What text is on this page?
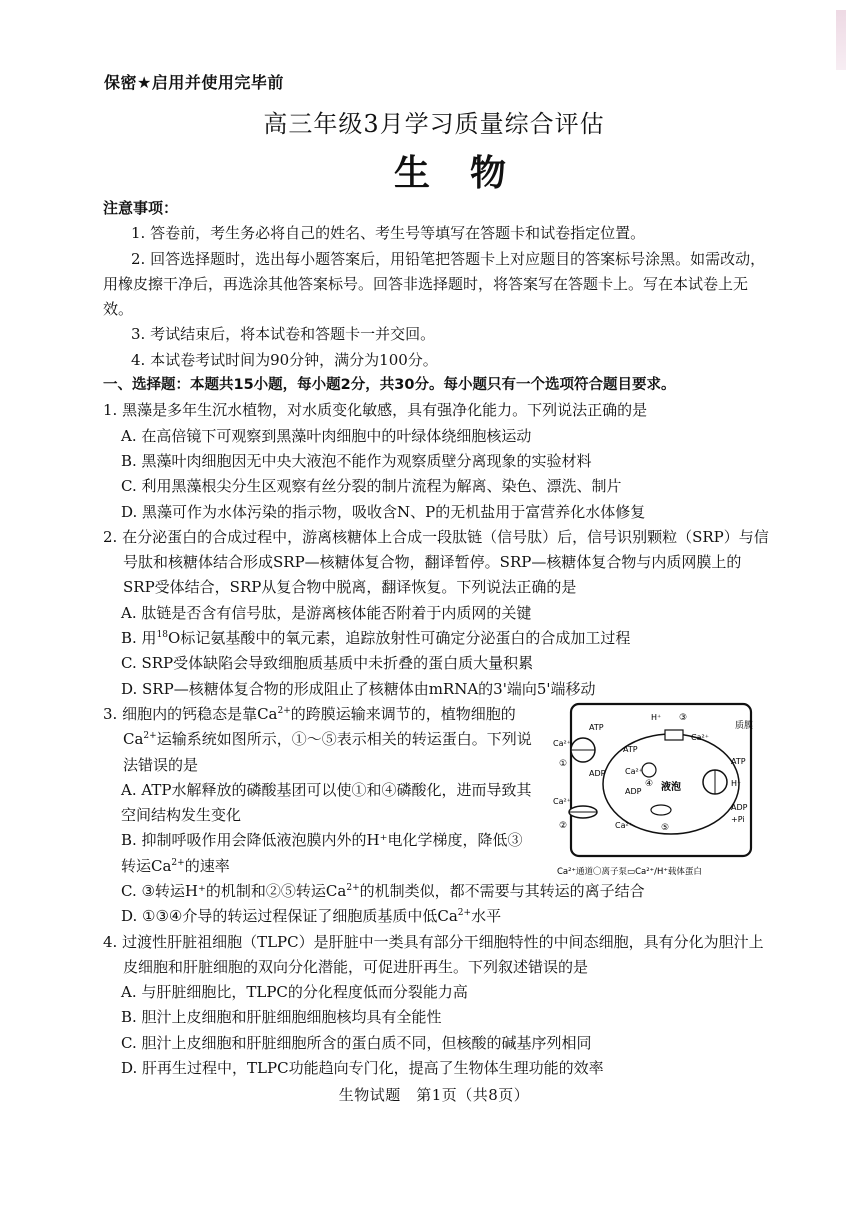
保密★启用并使用完毕前
高三年级3月学习质量综合评估
生物

注意事项：

1. 答卷前，考生务必将自己的姓名、考生号等填写在答题卡和试卷指定位置。

2. 回答选择题时，选出每小题答案后，用铅笔把答题卡上对应题目的答案标号涂黑。如需改动，用橡皮擦干净后，再选涂其他答案标号。回答非选择题时，将答案写在答题卡上。写在本试卷上无效。

3. 考试结束后，将本试卷和答题卡一并交回。

4. 本试卷考试时间为90分钟，满分为100分。

一、选择题：本题共15小题，每小题2分，共30分。每小题只有一个选项符合题目要求。

1. 黑藻是多年生沉水植物，对水质变化敏感，具有强净化能力。下列说法正确的是

A. 在高倍镜下可观察到黑藻叶肉细胞中的叶绿体绕细胞核运动

B. 黑藻叶肉细胞因无中央大液泡不能作为观察质壁分离现象的实验材料

C. 利用黑藻根尖分生区观察有丝分裂的制片流程为解离、染色、漂洗、制片

D. 黑藻可作为水体污染的指示物，吸收含N、P的无机盐用于富营养化水体修复

2. 在分泌蛋白的合成过程中，游离核糖体上合成一段肽链（信号肽）后，信号识别颗粒（SRP）与信号肽和核糖体结合形成SRP—核糖体复合物，翻译暂停。SRP—核糖体复合物与内质网膜上的SRP受体结合，SRP从复合物中脱离，翻译恢复。下列说法正确的是

A. 肽链是否含有信号肽，是游离核体能否附着于内质网的关键

B. 用$^{18}$O标记氨基酸中的氧元素，追踪放射性可确定分泌蛋白的合成加工过程

C. SRP受体缺陷会导致细胞质基质中未折叠的蛋白质大量积累

D. SRP—核糖体复合物的形成阻止了核糖体由mRNA的3'端向5'端移动

3. 细胞内的钙稳态是靠$Ca^{2+}$的跨膜运输来调节的，植物细胞的$Ca^{2+}$运输系统如图所示，①～⑤表示相关的转运蛋白。下列说法错误的是

A. ATP水解释放的磷酸基团可以使①和④磷酸化，进而导致其空间结构发生变化

B. 抑制呼吸作用会降低液泡膜内外的H⁺电化学梯度，降低③转运$Ca^{2+}$的速率

质膜
液泡
Ca²⁺
①
ATP
ADP
Ca²⁺
②
H⁺ ③
Ca²⁺
ATP
Ca²⁺
④
ADP
ATP
H⁺
ADP
+Pi
Ca²⁺	⑤
Ca²⁺通道〇离子泵▭Ca²⁺/H⁺载体蛋白

C. ③转运H⁺的机制和②⑤转运$Ca^{2+}$的机制类似，都不需要与其转运的离子结合

D. ①③④介导的转运过程保证了细胞质基质中低$Ca^{2+}$水平

4. 过渡性肝脏祖细胞（TLPC）是肝脏中一类具有部分干细胞特性的中间态细胞，具有分化为胆汁上皮细胞和肝脏细胞的双向分化潜能，可促进肝再生。下列叙述错误的是

A. 与肝脏细胞比，TLPC的分化程度低而分裂能力高

B. 胆汁上皮细胞和肝脏细胞细胞核均具有全能性

C. 胆汁上皮细胞和肝脏细胞所含的蛋白质不同，但核酸的碱基序列相同

D. 肝再生过程中，TLPC功能趋向专门化，提高了生物体生理功能的效率

生物试题　第1页（共8页）
